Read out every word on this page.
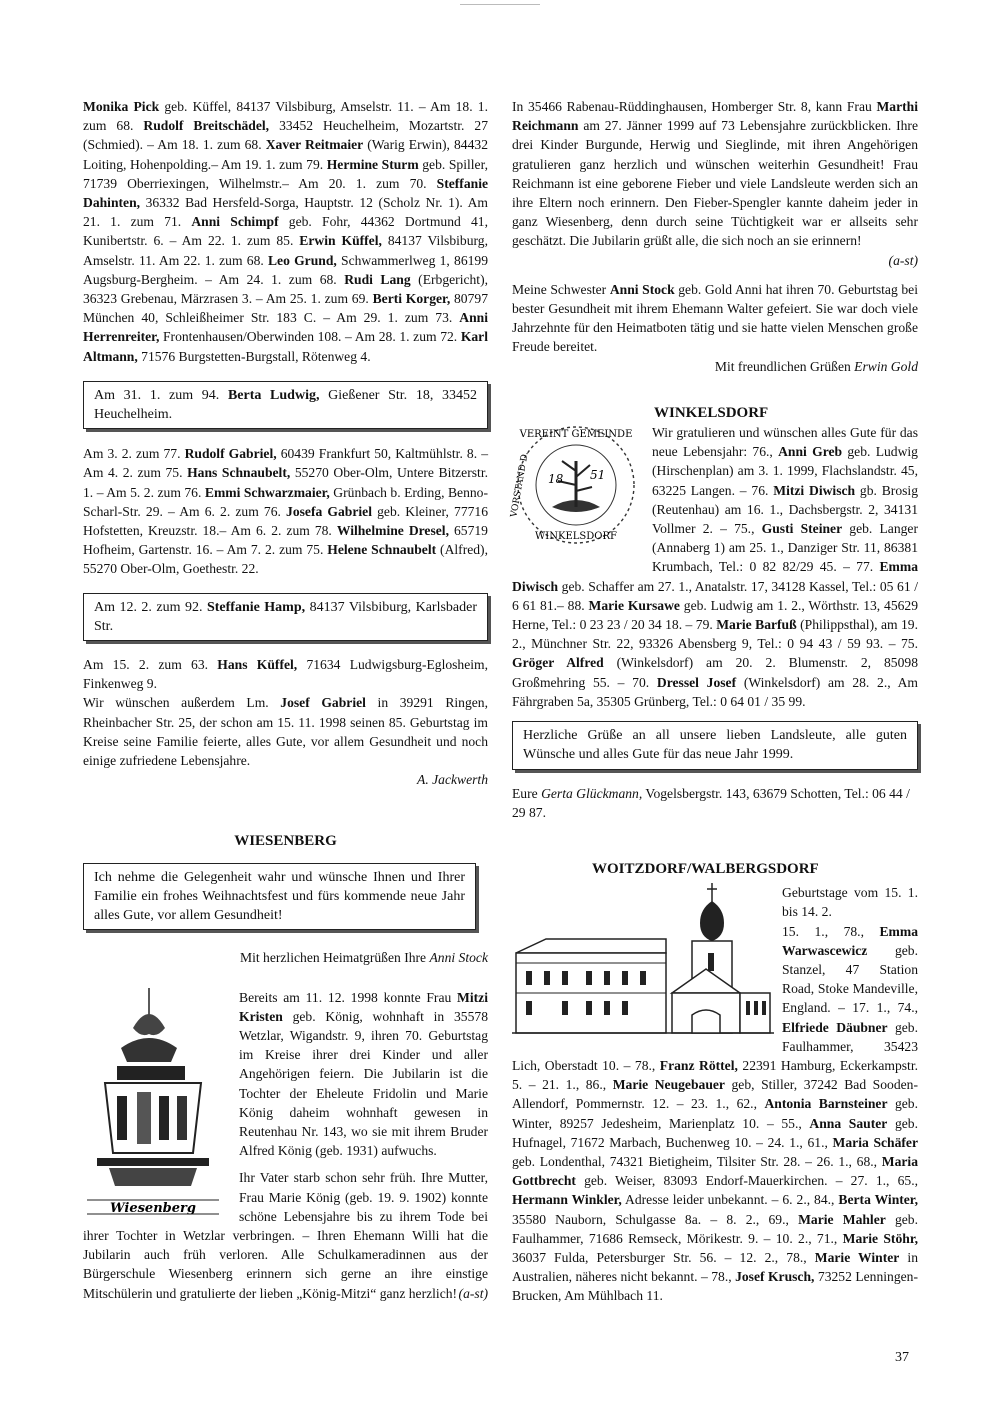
Monika Pick geb. Küffel, 84137 Vilsbiburg, Amselstr. 11. – Am 18. 1. zum 68. Rudolf Breitschädel, 33452 Heuchelheim, Mozartstr. 27 (Schmied). – Am 18. 1. zum 68. Xaver Reitmaier (Warig Erwin), 84432 Loiting, Hohenpolding.– Am 19. 1. zum 79. Hermine Sturm geb. Spiller, 71739 Oberriexingen, Wilhelmstr.– Am 20. 1. zum 70. Steffanie Dahinten, 36332 Bad Hersfeld-Sorga, Hauptstr. 12 (Scholz Nr. 1). Am 21. 1. zum 71. Anni Schimpf geb. Fohr, 44362 Dortmund 41, Kunibertstr. 6. – Am 22. 1. zum 85. Erwin Küffel, 84137 Vilsbiburg, Amselstr. 11. Am 22. 1. zum 68. Leo Grund, Schwammerlweg 1, 86199 Augsburg-Bergheim. – Am 24. 1. zum 68. Rudi Lang (Erbgericht), 36323 Grebenau, Märzrasen 3. – Am 25. 1. zum 69. Berti Korger, 80797 München 40, Schleißheimer Str. 183 C. – Am 29. 1. zum 73. Anni Herrenreiter, Frontenhausen/Oberwinden 108. – Am 28. 1. zum 72. Karl Altmann, 71576 Burgstetten-Burgstall, Rötenweg 4.

Am 31. 1. zum 94. Berta Ludwig, Gießener Str. 18, 33452 Heuchelheim.

Am 3. 2. zum 77. Rudolf Gabriel, 60439 Frankfurt 50, Kaltmühlstr. 8. – Am 4. 2. zum 75. Hans Schnaubelt, 55270 Ober-Olm, Untere Bitzerstr. 1. – Am 5. 2. zum 76. Emmi Schwarzmaier, Grünbach b. Erding, Benno-Scharl-Str. 29. – Am 6. 2. zum 76. Josefa Gabriel geb. Kleiner, 77716 Hofstetten, Kreuzstr. 18.– Am 6. 2. zum 78. Wilhelmine Dresel, 65719 Hofheim, Gartenstr. 16. – Am 7. 2. zum 75. Helene Schnaubelt (Alfred), 55270 Ober-Olm, Goethestr. 22.

Am 12. 2. zum 92. Steffanie Hamp, 84137 Vilsbiburg, Karlsbader Str.

Am 15. 2. zum 63. Hans Küffel, 71634 Ludwigsburg-Eglosheim, Finkenweg 9.

Wir wünschen außerdem Lm. Josef Gabriel in 39291 Ringen, Rheinbacher Str. 25, der schon am 15. 11. 1998 seinen 85. Geburtstag im Kreise seine Familie feierte, alles Gute, vor allem Gesundheit und noch einige zufriedene Lebensjahre.

A. Jackwerth

WIESENBERG
Ich nehme die Gelegenheit wahr und wünsche Ihnen und Ihrer Familie ein frohes Weihnachtsfest und fürs kommende neue Jahr alles Gute, vor allem Gesundheit!

Mit herzlichen Heimatgrüßen Ihre Anni Stock

Wiesenberg

Bereits am 11. 12. 1998 konnte Frau Mitzi Kristen geb. König, wohnhaft in 35578 Wetzlar, Wigandstr. 9, ihren 70. Geburtstag im Kreise ihrer drei Kinder und aller Angehörigen feiern. Die Jubilarin ist die Tochter der Eheleute Fridolin und Marie König daheim wohnhaft gewesen in Reutenhau Nr. 143, wo sie mit ihrem Bruder Alfred König (geb. 1931) aufwuchs.

Ihr Vater starb schon sehr früh. Ihre Mutter, Frau Marie König (geb. 19. 9. 1902) konnte schöne Lebensjahre bis zu ihrem Tode bei ihrer Tochter in Wetzlar verbringen. – Ihren Ehemann Willi hat die Jubilarin auch früh verloren. Alle Schulkameradinnen aus der Bürgerschule Wiesenberg erinnern sich gerne an ihre einstige Mitschülerin und gratulierte der lieben „König-Mitzi“ ganz herzlich! (a-st)

In 35466 Rabenau-Rüddinghausen, Homberger Str. 8, kann Frau Marthi Reichmann am 27. Jänner 1999 auf 73 Lebensjahre zurückblicken. Ihre drei Kinder Burgunde, Herwig und Sieglinde, mit ihren Angehörigen gratulieren ganz herzlich und wünschen weiterhin Gesundheit! Frau Reichmann ist eine geborene Fieber und viele Landsleute werden sich an ihre Eltern noch erinnern. Den Fieber-Spengler kannte daheim jeder in ganz Wiesenberg, denn durch seine Tüchtigkeit war er allseits sehr geschätzt. Die Jubilarin grüßt alle, die sich noch an sie erinnern!

(a-st)

Meine Schwester Anni Stock geb. Gold Anni hat ihren 70. Geburtstag bei bester Gesundheit mit ihrem Ehemann Walter gefeiert. Sie war doch viele Jahrzehnte für den Heimatboten tätig und sie hatte vielen Menschen große Freude bereitet.

Mit freundlichen Grüßen Erwin Gold

WINKELSDORF
18 51
VEREINT GEMEINDE
VORSTAND D.
WINKELSDORF

Wir gratulieren und wünschen alles Gute für das neue Lebensjahr: 76., Anni Greb geb. Ludwig (Hirschenplan) am 3. 1. 1999, Flachslandstr. 45, 63225 Langen. – 76. Mitzi Diwisch gb. Brosig (Reutenhau) am 16. 1., Dachsbergstr. 2, 34131 Vollmer 2. – 75., Gusti Steiner geb. Langer (Annaberg 1) am 25. 1., Danziger Str. 11, 86381 Krumbach, Tel.: 0 82 82/29 45. – 77. Emma Diwisch geb. Schaffer am 27. 1., Anatalstr. 17, 34128 Kassel, Tel.: 05 61 / 6 61 81.– 88. Marie Kursawe geb. Ludwig am 1. 2., Wörthstr. 13, 45629 Herne, Tel.: 0 23 23 / 20 34 18. – 79. Marie Barfuß (Philippsthal), am 19. 2., Münchner Str. 22, 93326 Abensberg 9, Tel.: 0 94 43 / 59 93. – 75. Gröger Alfred (Winkelsdorf) am 20. 2. Blumenstr. 2, 85098 Großmehring 55. – 70. Dressel Josef (Winkelsdorf) am 28. 2., Am Fährgraben 5a, 35305 Grünberg, Tel.: 0 64 01 / 35 99.

Herzliche Grüße an all unsere lieben Landsleute, alle guten Wünsche und alles Gute für das neue Jahr 1999.

Eure Gerta Glückmann, Vogelsbergstr. 143, 63679 Schotten, Tel.: 06 44 / 29 87.

WOITZDORF/WALBERGSDORF

Geburtstage vom 15. 1. bis 14. 2.

15. 1., 78., Emma Warwascewicz geb. Stanzel, 47 Station Road, Stoke Mandeville, England. – 17. 1., 74., Elfriede Däubner geb. Faulhammer, 35423 Lich, Oberstadt 10. – 78., Franz Röttel, 22391 Hamburg, Eckerkampstr. 5. – 21. 1., 86., Marie Neugebauer geb, Stiller, 37242 Bad Sooden-Allendorf, Pommernstr. 12. – 23. 1., 62., Antonia Barnsteiner geb. Winter, 89257 Jedesheim, Marienplatz 10. – 55., Anna Sauter geb. Hufnagel, 71672 Marbach, Buchenweg 10. – 24. 1., 61., Maria Schäfer geb. Londenthal, 74321 Bietigheim, Tilsiter Str. 28. – 26. 1., 68., Maria Gottbrecht geb. Weiser, 83093 Endorf-Mauerkirchen. – 27. 1., 65., Hermann Winkler, Adresse leider unbekannt. – 6. 2., 84., Berta Winter, 35580 Nauborn, Schulgasse 8a. – 8. 2., 69., Marie Mahler geb. Faulhammer, 71686 Remseck, Mörikestr. 9. – 10. 2., 71., Marie Stöhr, 36037 Fulda, Petersburger Str. 56. – 12. 2., 78., Marie Winter in Australien, näheres nicht bekannt. – 78., Josef Krusch, 73252 Lenningen-Brucken, Am Mühlbach 11.

37
